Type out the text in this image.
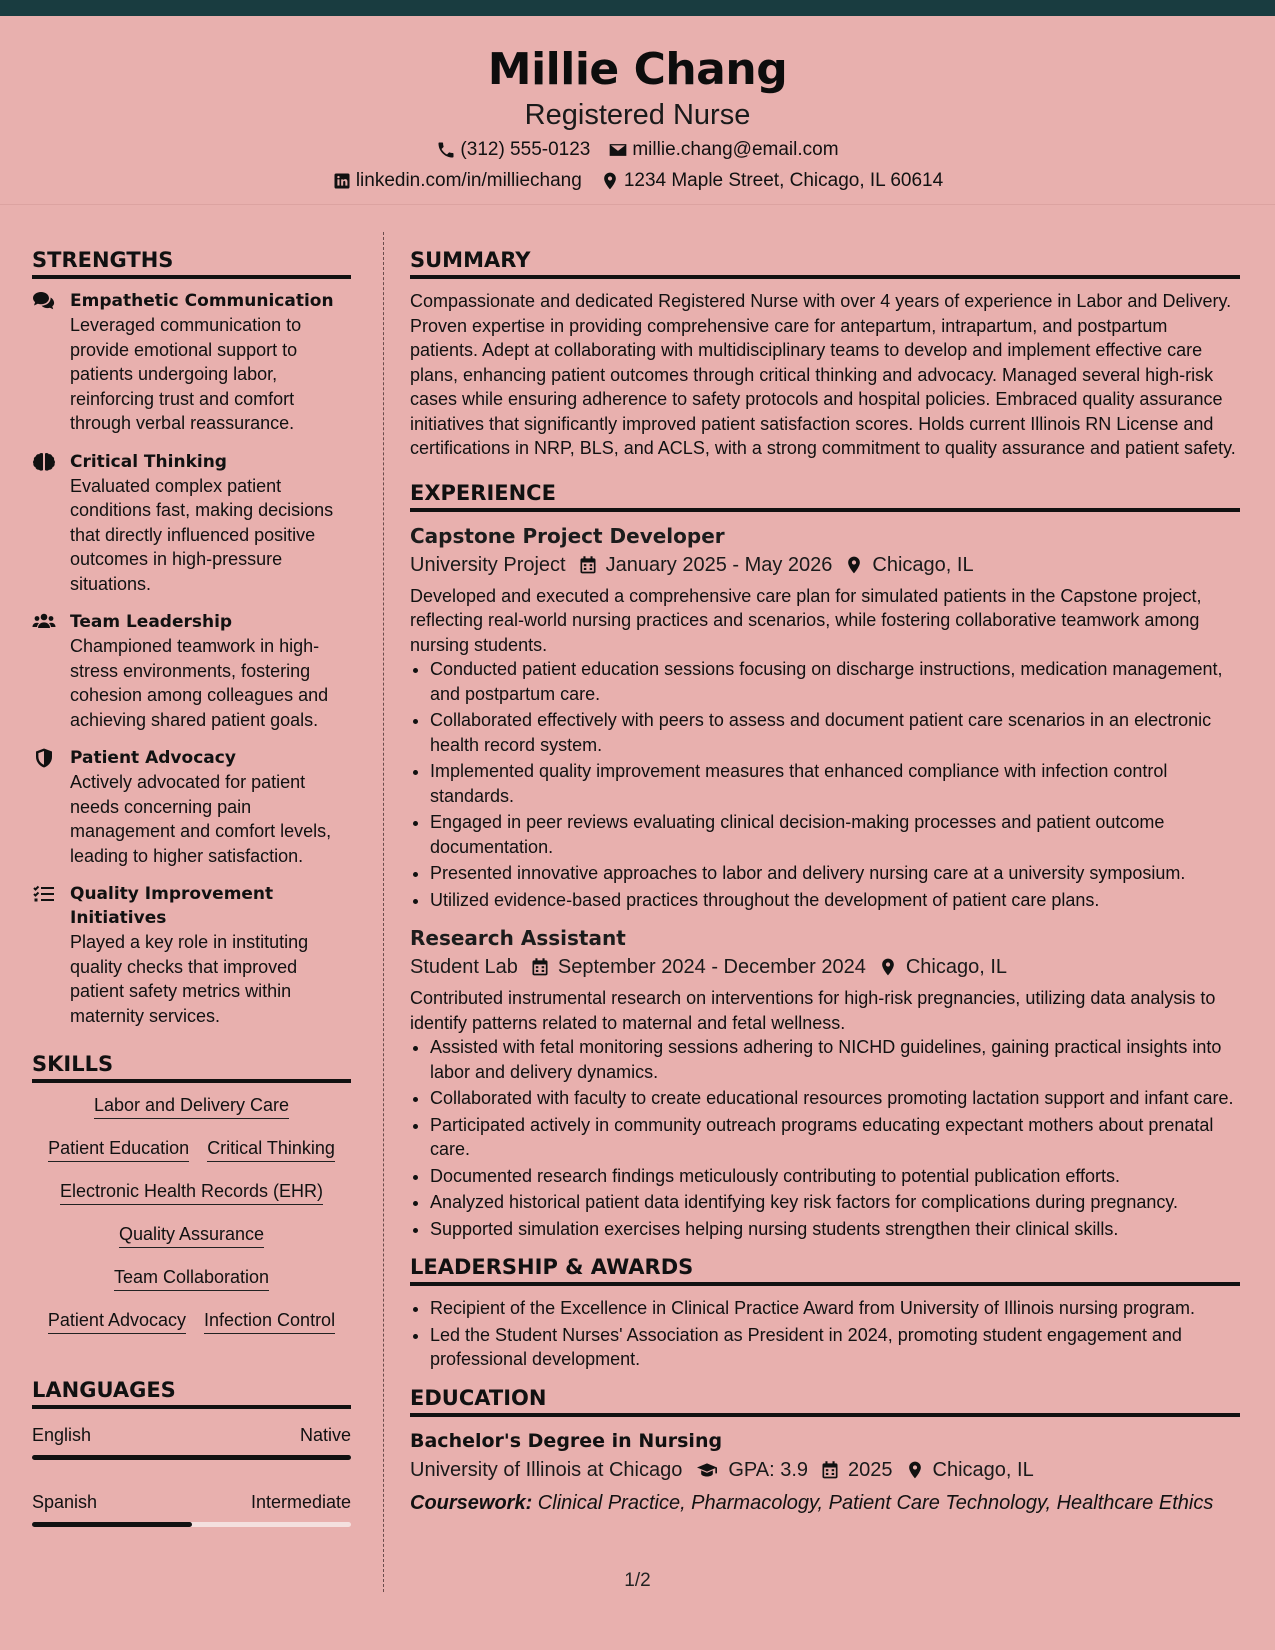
Millie Chang
Registered Nurse
(312) 555-0123 millie.chang@email.com
linkedin.com/in/milliechang 1234 Maple Street, Chicago, IL 60614
STRENGTHS
Empathetic Communication
Leveraged communication to provide emotional support to patients undergoing labor, reinforcing trust and comfort through verbal reassurance.
Critical Thinking
Evaluated complex patient conditions fast, making decisions that directly influenced positive outcomes in high-pressure situations.
Team Leadership
Championed teamwork in high-stress environments, fostering cohesion among colleagues and achieving shared patient goals.
Patient Advocacy
Actively advocated for patient needs concerning pain management and comfort levels, leading to higher satisfaction.
Quality Improvement Initiatives
Played a key role in instituting quality checks that improved patient safety metrics within maternity services.
SKILLS
Labor and Delivery Care
Patient Education Critical Thinking
Electronic Health Records (EHR)
Quality Assurance
Team Collaboration
Patient Advocacy Infection Control
LANGUAGES
English	Native
Spanish	Intermediate
SUMMARY
Compassionate and dedicated Registered Nurse with over 4 years of experience in Labor and Delivery. Proven expertise in providing comprehensive care for antepartum, intrapartum, and postpartum patients. Adept at collaborating with multidisciplinary teams to develop and implement effective care plans, enhancing patient outcomes through critical thinking and advocacy. Managed several high-risk cases while ensuring adherence to safety protocols and hospital policies. Embraced quality assurance initiatives that significantly improved patient satisfaction scores. Holds current Illinois RN License and certifications in NRP, BLS, and ACLS, with a strong commitment to quality assurance and patient safety.
EXPERIENCE
Capstone Project Developer
University Project January 2025 - May 2026 Chicago, IL
Developed and executed a comprehensive care plan for simulated patients in the Capstone project, reflecting real-world nursing practices and scenarios, while fostering collaborative teamwork among nursing students.
• Conducted patient education sessions focusing on discharge instructions, medication management, and postpartum care.
• Collaborated effectively with peers to assess and document patient care scenarios in an electronic health record system.
• Implemented quality improvement measures that enhanced compliance with infection control standards.
• Engaged in peer reviews evaluating clinical decision-making processes and patient outcome documentation.
• Presented innovative approaches to labor and delivery nursing care at a university symposium.
• Utilized evidence-based practices throughout the development of patient care plans.
Research Assistant
Student Lab September 2024 - December 2024 Chicago, IL
Contributed instrumental research on interventions for high-risk pregnancies, utilizing data analysis to identify patterns related to maternal and fetal wellness.
• Assisted with fetal monitoring sessions adhering to NICHD guidelines, gaining practical insights into labor and delivery dynamics.
• Collaborated with faculty to create educational resources promoting lactation support and infant care.
• Participated actively in community outreach programs educating expectant mothers about prenatal care.
• Documented research findings meticulously contributing to potential publication efforts.
• Analyzed historical patient data identifying key risk factors for complications during pregnancy.
• Supported simulation exercises helping nursing students strengthen their clinical skills.
LEADERSHIP & AWARDS
• Recipient of the Excellence in Clinical Practice Award from University of Illinois nursing program.
• Led the Student Nurses' Association as President in 2024, promoting student engagement and professional development.
EDUCATION
Bachelor's Degree in Nursing
University of Illinois at Chicago GPA: 3.9 2025 Chicago, IL
Coursework: Clinical Practice, Pharmacology, Patient Care Technology, Healthcare Ethics
1/2
